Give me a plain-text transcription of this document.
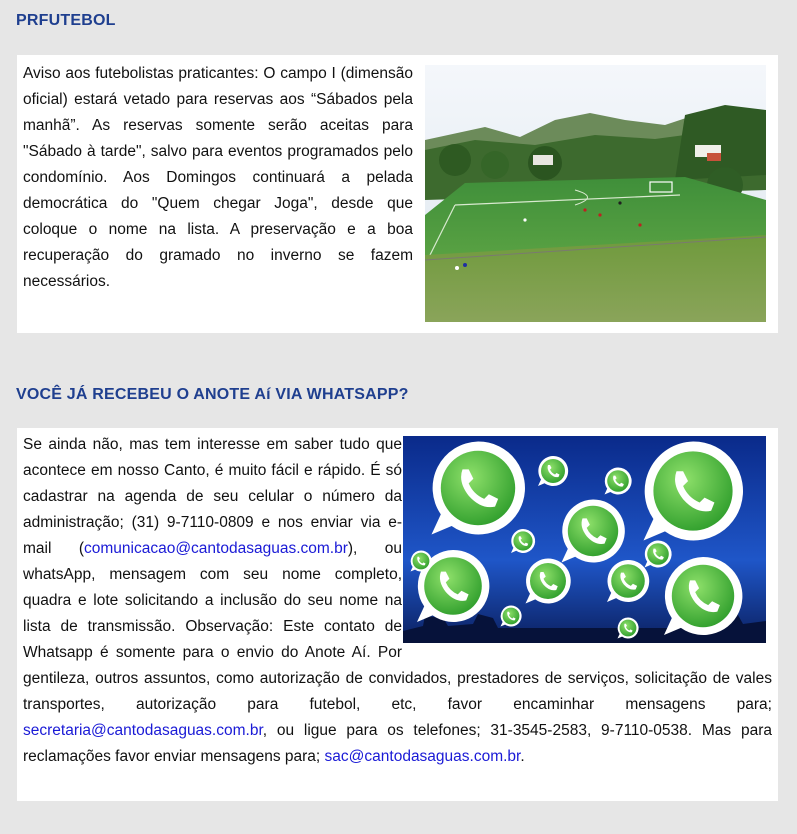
PRFUTEBOL

Aviso aos futebolistas praticantes: O campo I (dimensão oficial) estará vetado para reservas aos “Sábados pela manhã”. As reservas somente serão aceitas para "Sábado à tarde", salvo para eventos programados pelo condomínio. Aos Domingos continuará a pelada democrática do "Quem chegar Joga", desde que coloque o nome na lista. A preservação e a boa recuperação do gramado no inverno se fazem necessários.

VOCÊ JÁ RECEBEU O ANOTE Aí VIA WHATSAPP?
Se ainda não, mas tem interesse em saber tudo que acontece em nosso Canto, é muito fácil e rápido. É só cadastrar na agenda de seu celular o número da administração; (31) 9-7110-0809 e nos enviar via e-mail (comunicacao@cantodasaguas.com.br), ou whatsApp, mensagem com seu nome completo, quadra e lote solicitando a inclusão do seu nome na lista de transmissão. Observação: Este contato de Whatsapp é somente para o envio do Anote Aí. Por gentileza, outros assuntos, como autorização de convidados, prestadores de serviços, solicitação de vales transportes, autorização para futebol, etc, favor encaminhar mensagens para; secretaria@cantodasaguas.com.br, ou ligue para os telefones; 31-3545-2583, 9-7110-0538. Mas para reclamações favor enviar mensagens para; sac@cantodasaguas.com.br.
